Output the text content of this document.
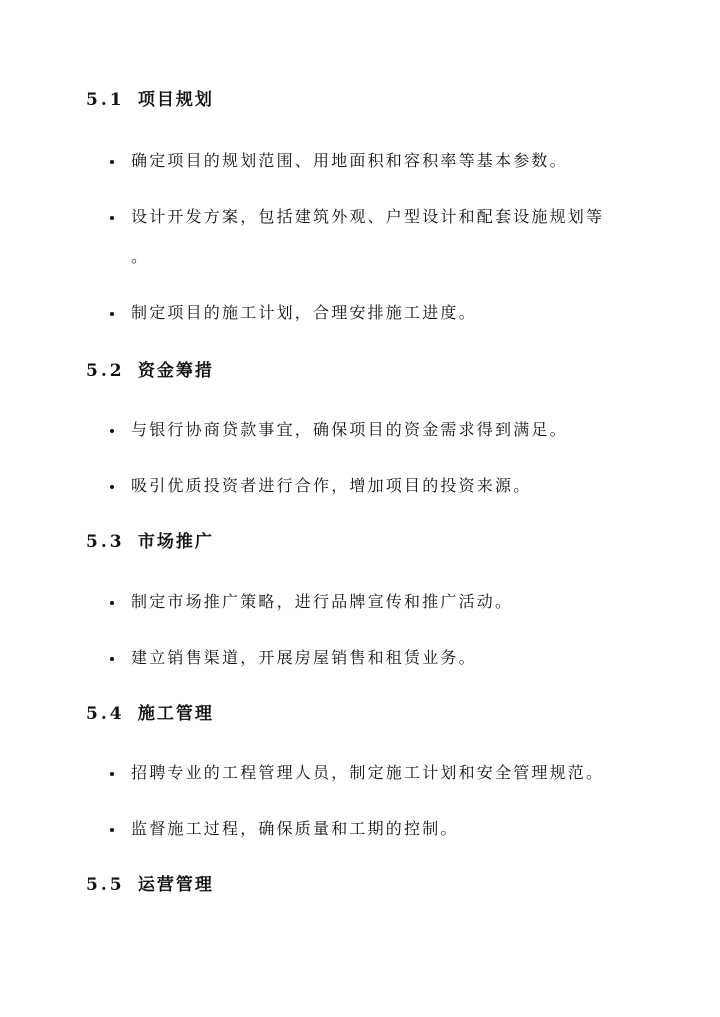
5.1 项目规划
确定项目的规划范围、用地面积和容积率等基本参数。
设计开发方案，包括建筑外观、户型设计和配套设施规划等
。
制定项目的施工计划，合理安排施工进度。
5.2 资金筹措
与银行协商贷款事宜，确保项目的资金需求得到满足。
吸引优质投资者进行合作，增加项目的投资来源。
5.3 市场推广
制定市场推广策略，进行品牌宣传和推广活动。
建立销售渠道，开展房屋销售和租赁业务。
5.4 施工管理
招聘专业的工程管理人员，制定施工计划和安全管理规范。
监督施工过程，确保质量和工期的控制。
5.5 运营管理
